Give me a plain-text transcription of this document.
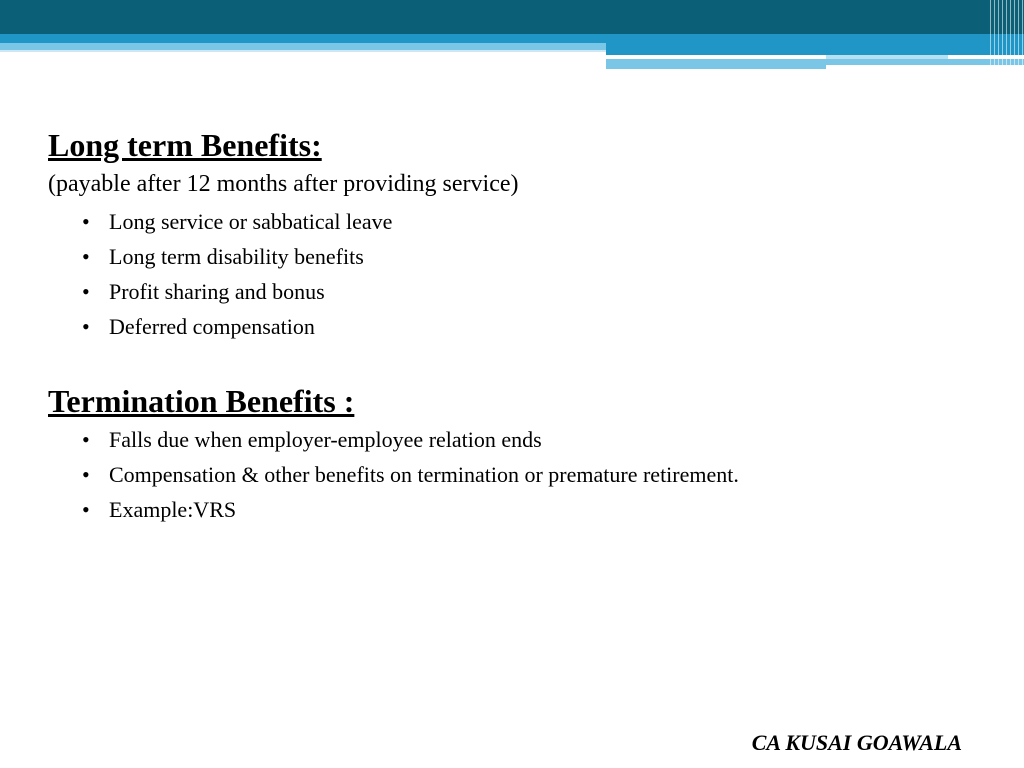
Long term Benefits:

(payable after 12 months after providing service)

• Long service or sabbatical leave
• Long term disability benefits
• Profit sharing and bonus
• Deferred compensation
Termination Benefits :
• Falls due when employer-employee relation ends
• Compensation & other benefits on termination or premature retirement.
• Example:VRS
CA KUSAI GOAWALA
